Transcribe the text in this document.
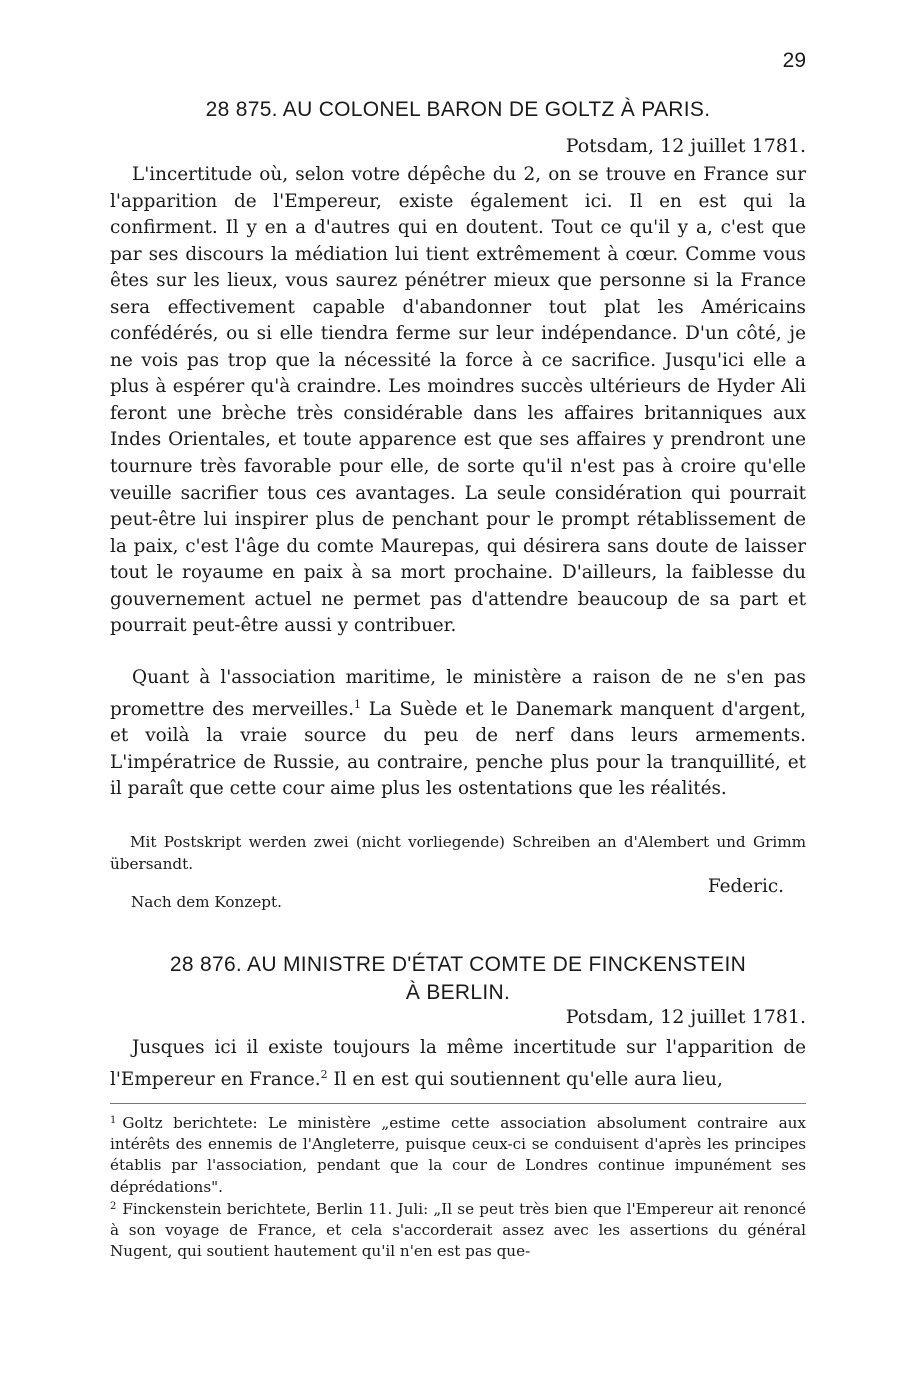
29
28 875. AU COLONEL BARON DE GOLTZ À PARIS.
Potsdam, 12 juillet 1781.

L'incertitude où, selon votre dépêche du 2, on se trouve en France sur l'apparition de l'Empereur, existe également ici. Il en est qui la confirment. Il y en a d'autres qui en doutent. Tout ce qu'il y a, c'est que par ses discours la médiation lui tient extrêmement à cœur. Comme vous êtes sur les lieux, vous saurez pénétrer mieux que personne si la France sera effectivement capable d'abandonner tout plat les Américains confédérés, ou si elle tiendra ferme sur leur indépendance. D'un côté, je ne vois pas trop que la nécessité la force à ce sacrifice. Jusqu'ici elle a plus à espérer qu'à craindre. Les moindres succès ultérieurs de Hyder Ali feront une brèche très considérable dans les affaires britanniques aux Indes Orientales, et toute apparence est que ses affaires y prendront une tournure très favorable pour elle, de sorte qu'il n'est pas à croire qu'elle veuille sacrifier tous ces avantages. La seule considération qui pourrait peut-être lui inspirer plus de penchant pour le prompt rétablissement de la paix, c'est l'âge du comte Maurepas, qui désirera sans doute de laisser tout le royaume en paix à sa mort prochaine. D'ailleurs, la faiblesse du gouvernement actuel ne permet pas d'attendre beaucoup de sa part et pourrait peut-être aussi y contribuer.

Quant à l'association maritime, le ministère a raison de ne s'en pas promettre des merveilles.$^1$ La Suède et le Danemark manquent d'argent, et voilà la vraie source du peu de nerf dans leurs armements. L'impératrice de Russie, au contraire, penche plus pour la tranquillité, et il paraît que cette cour aime plus les ostentations que les réalités.

Mit Postskript werden zwei (nicht vorliegende) Schreiben an d'Alembert und Grimm übersandt.

Federic.
Nach dem Konzept.
28 876. AU MINISTRE D'ÉTAT COMTE DE FINCKENSTEIN
À BERLIN.
Potsdam, 12 juillet 1781.

Jusques ici il existe toujours la même incertitude sur l'apparition de l'Empereur en France.$^2$ Il en est qui soutiennent qu'elle aura lieu,

$^1$ Goltz berichtete: Le ministère „estime cette association absolument contraire aux intérêts des ennemis de l'Angleterre, puisque ceux-ci se conduisent d'après les principes établis par l'association, pendant que la cour de Londres continue impunément ses déprédations".

$^2$ Finckenstein berichtete, Berlin 11. Juli: „Il se peut très bien que l'Empereur ait renoncé à son voyage de France, et cela s'accorderait assez avec les assertions du général Nugent, qui soutient hautement qu'il n'en est pas que-
